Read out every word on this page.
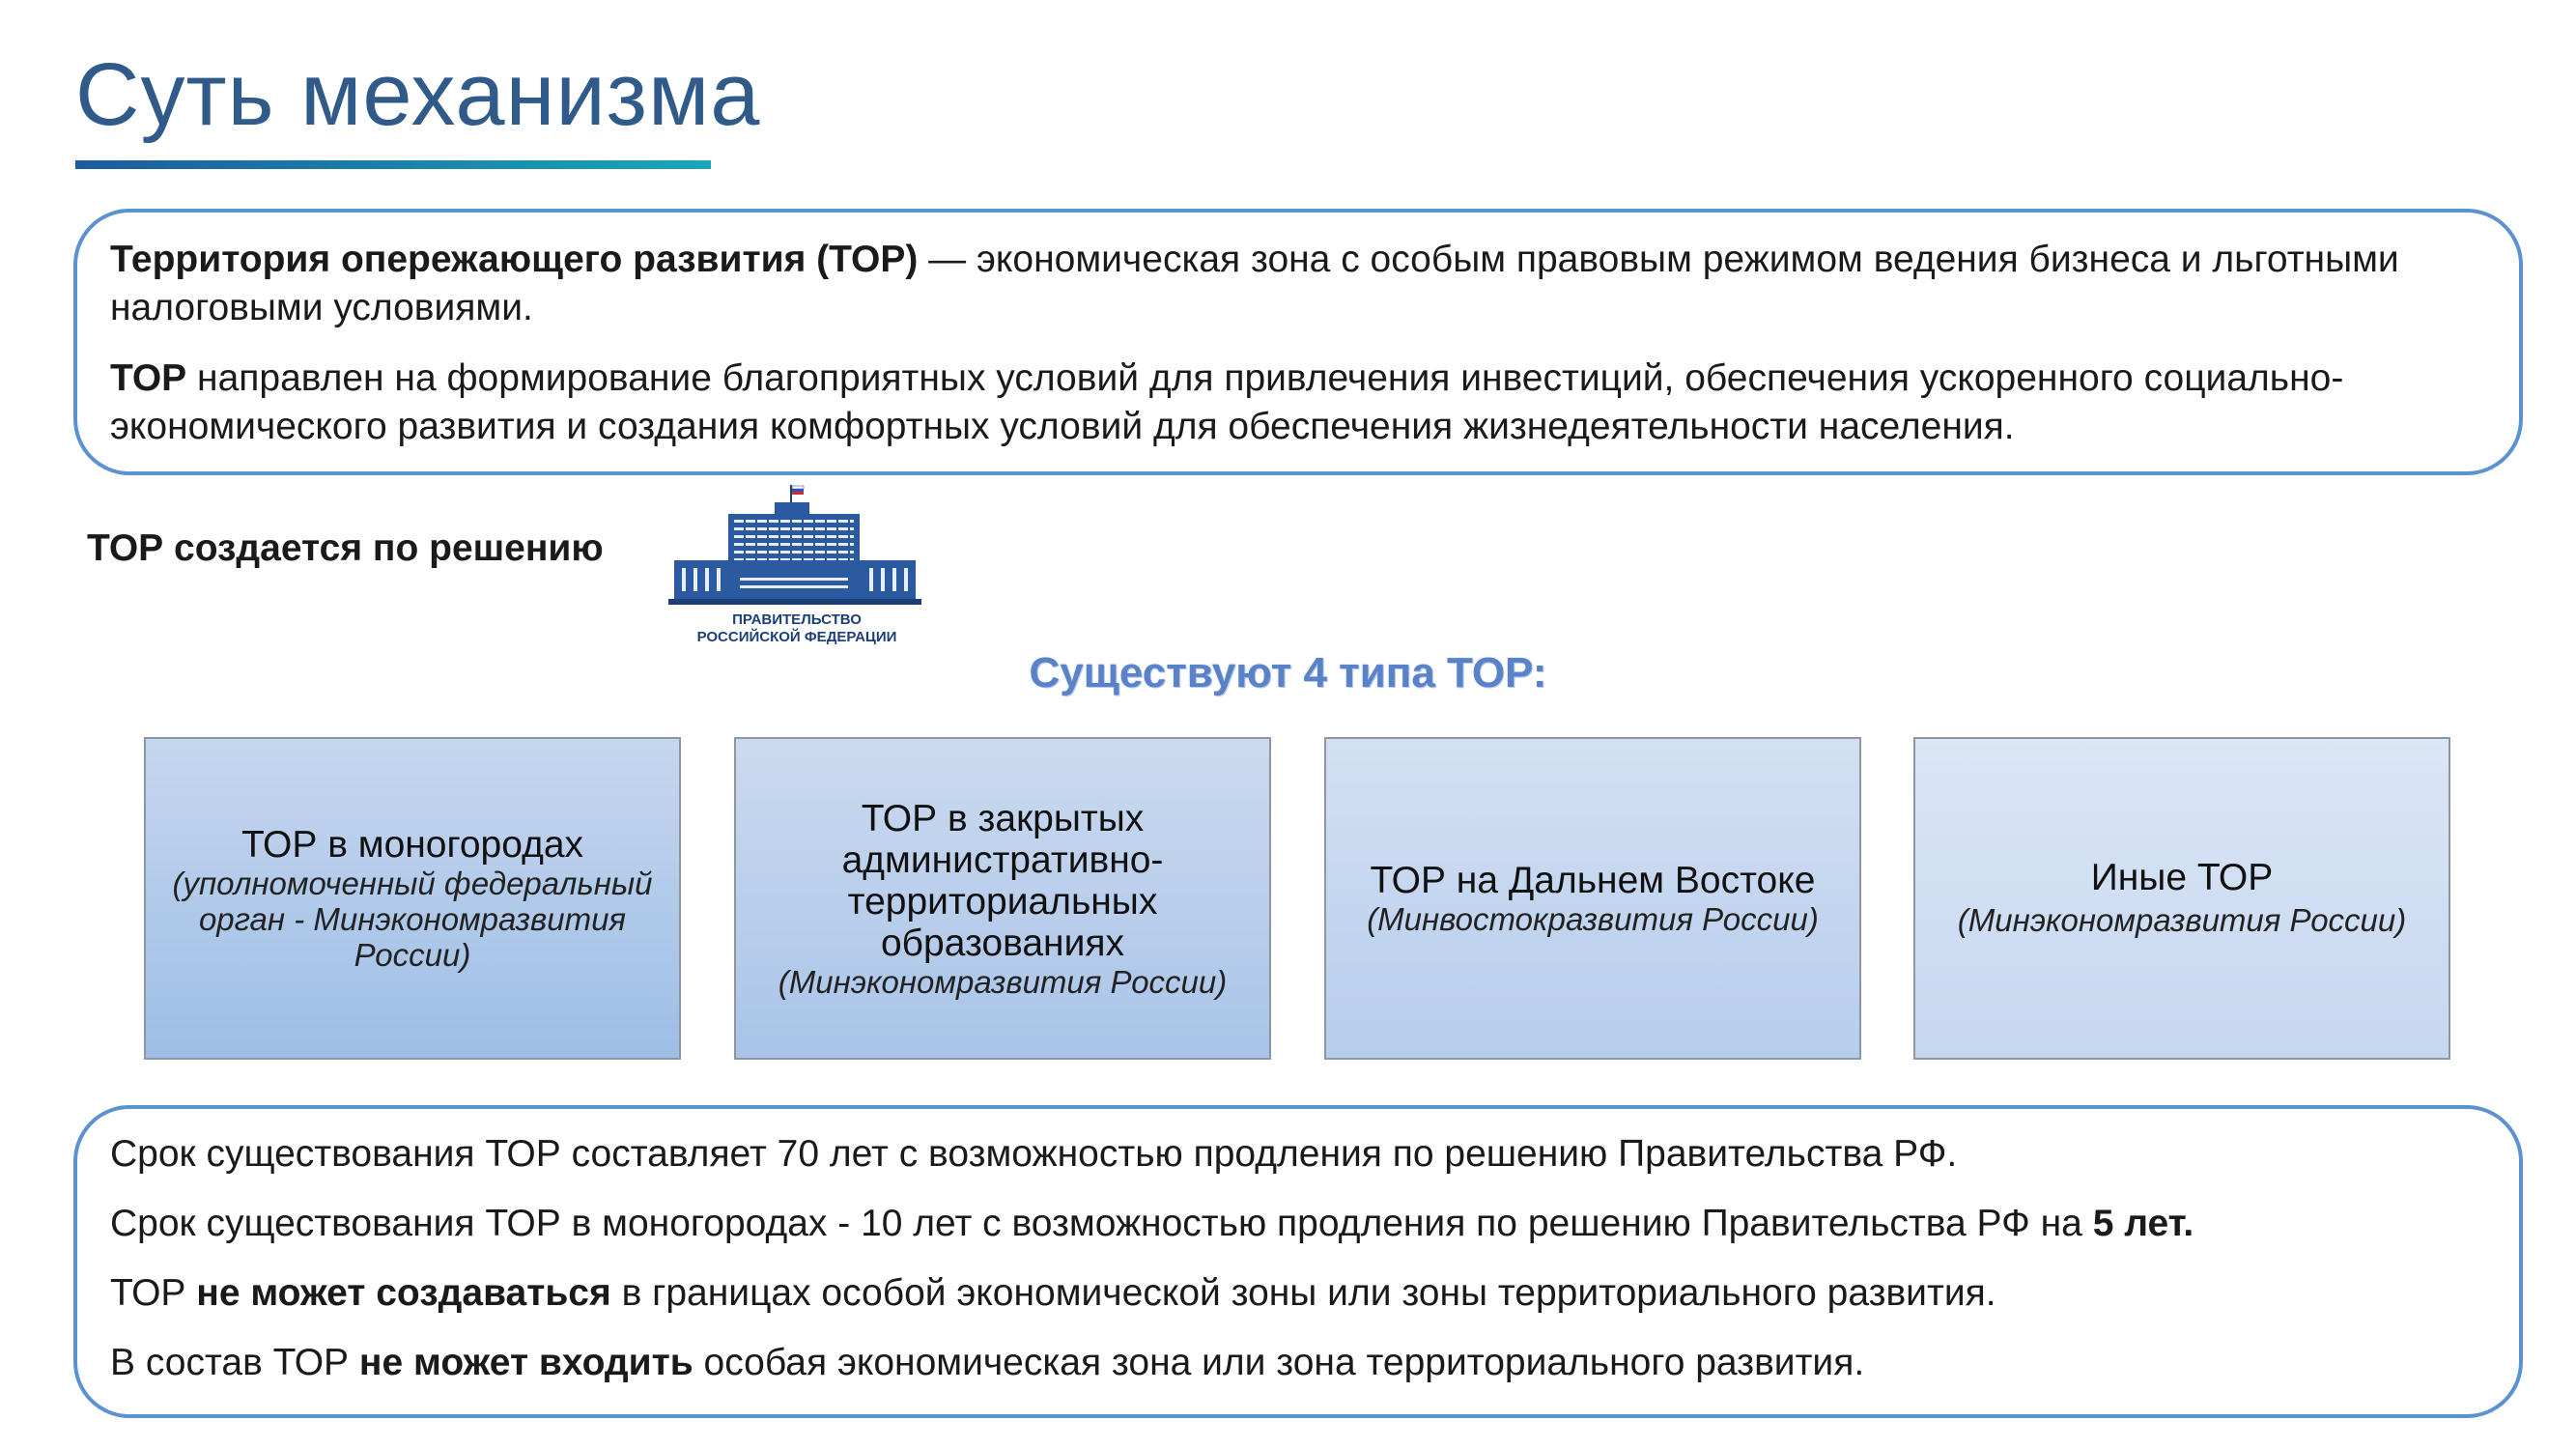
Суть механизма

Территория опережающего развития (ТОР) — экономическая зона с особым правовым режимом ведения бизнеса и льготными налоговыми условиями.

ТОР направлен на формирование благоприятных условий для привлечения инвестиций, обеспечения ускоренного социально-экономического развития и создания комфортных условий для обеспечения жизнедеятельности населения.

ТОР создается по решению
ПРАВИТЕЛЬСТВО
РОССИЙСКОЙ ФЕДЕРАЦИИ
Существуют 4 типа ТОР:
ТОР в моногородах
(уполномоченный федеральный орган - Минэкономразвития России)
ТОР в закрытых административно-территориальных образованиях
(Минэкономразвития России)
ТОР на Дальнем Востоке
(Минвостокразвития России)
Иные ТОР (Минэкономразвития России)

Срок существования ТОР составляет 70 лет с возможностью продления по решению Правительства РФ.

Срок существования ТОР в моногородах - 10 лет с возможностью продления по решению Правительства РФ на 5 лет.

ТОР не может создаваться в границах особой экономической зоны или зоны территориального развития.

В состав ТОР не может входить особая экономическая зона или зона территориального развития.
